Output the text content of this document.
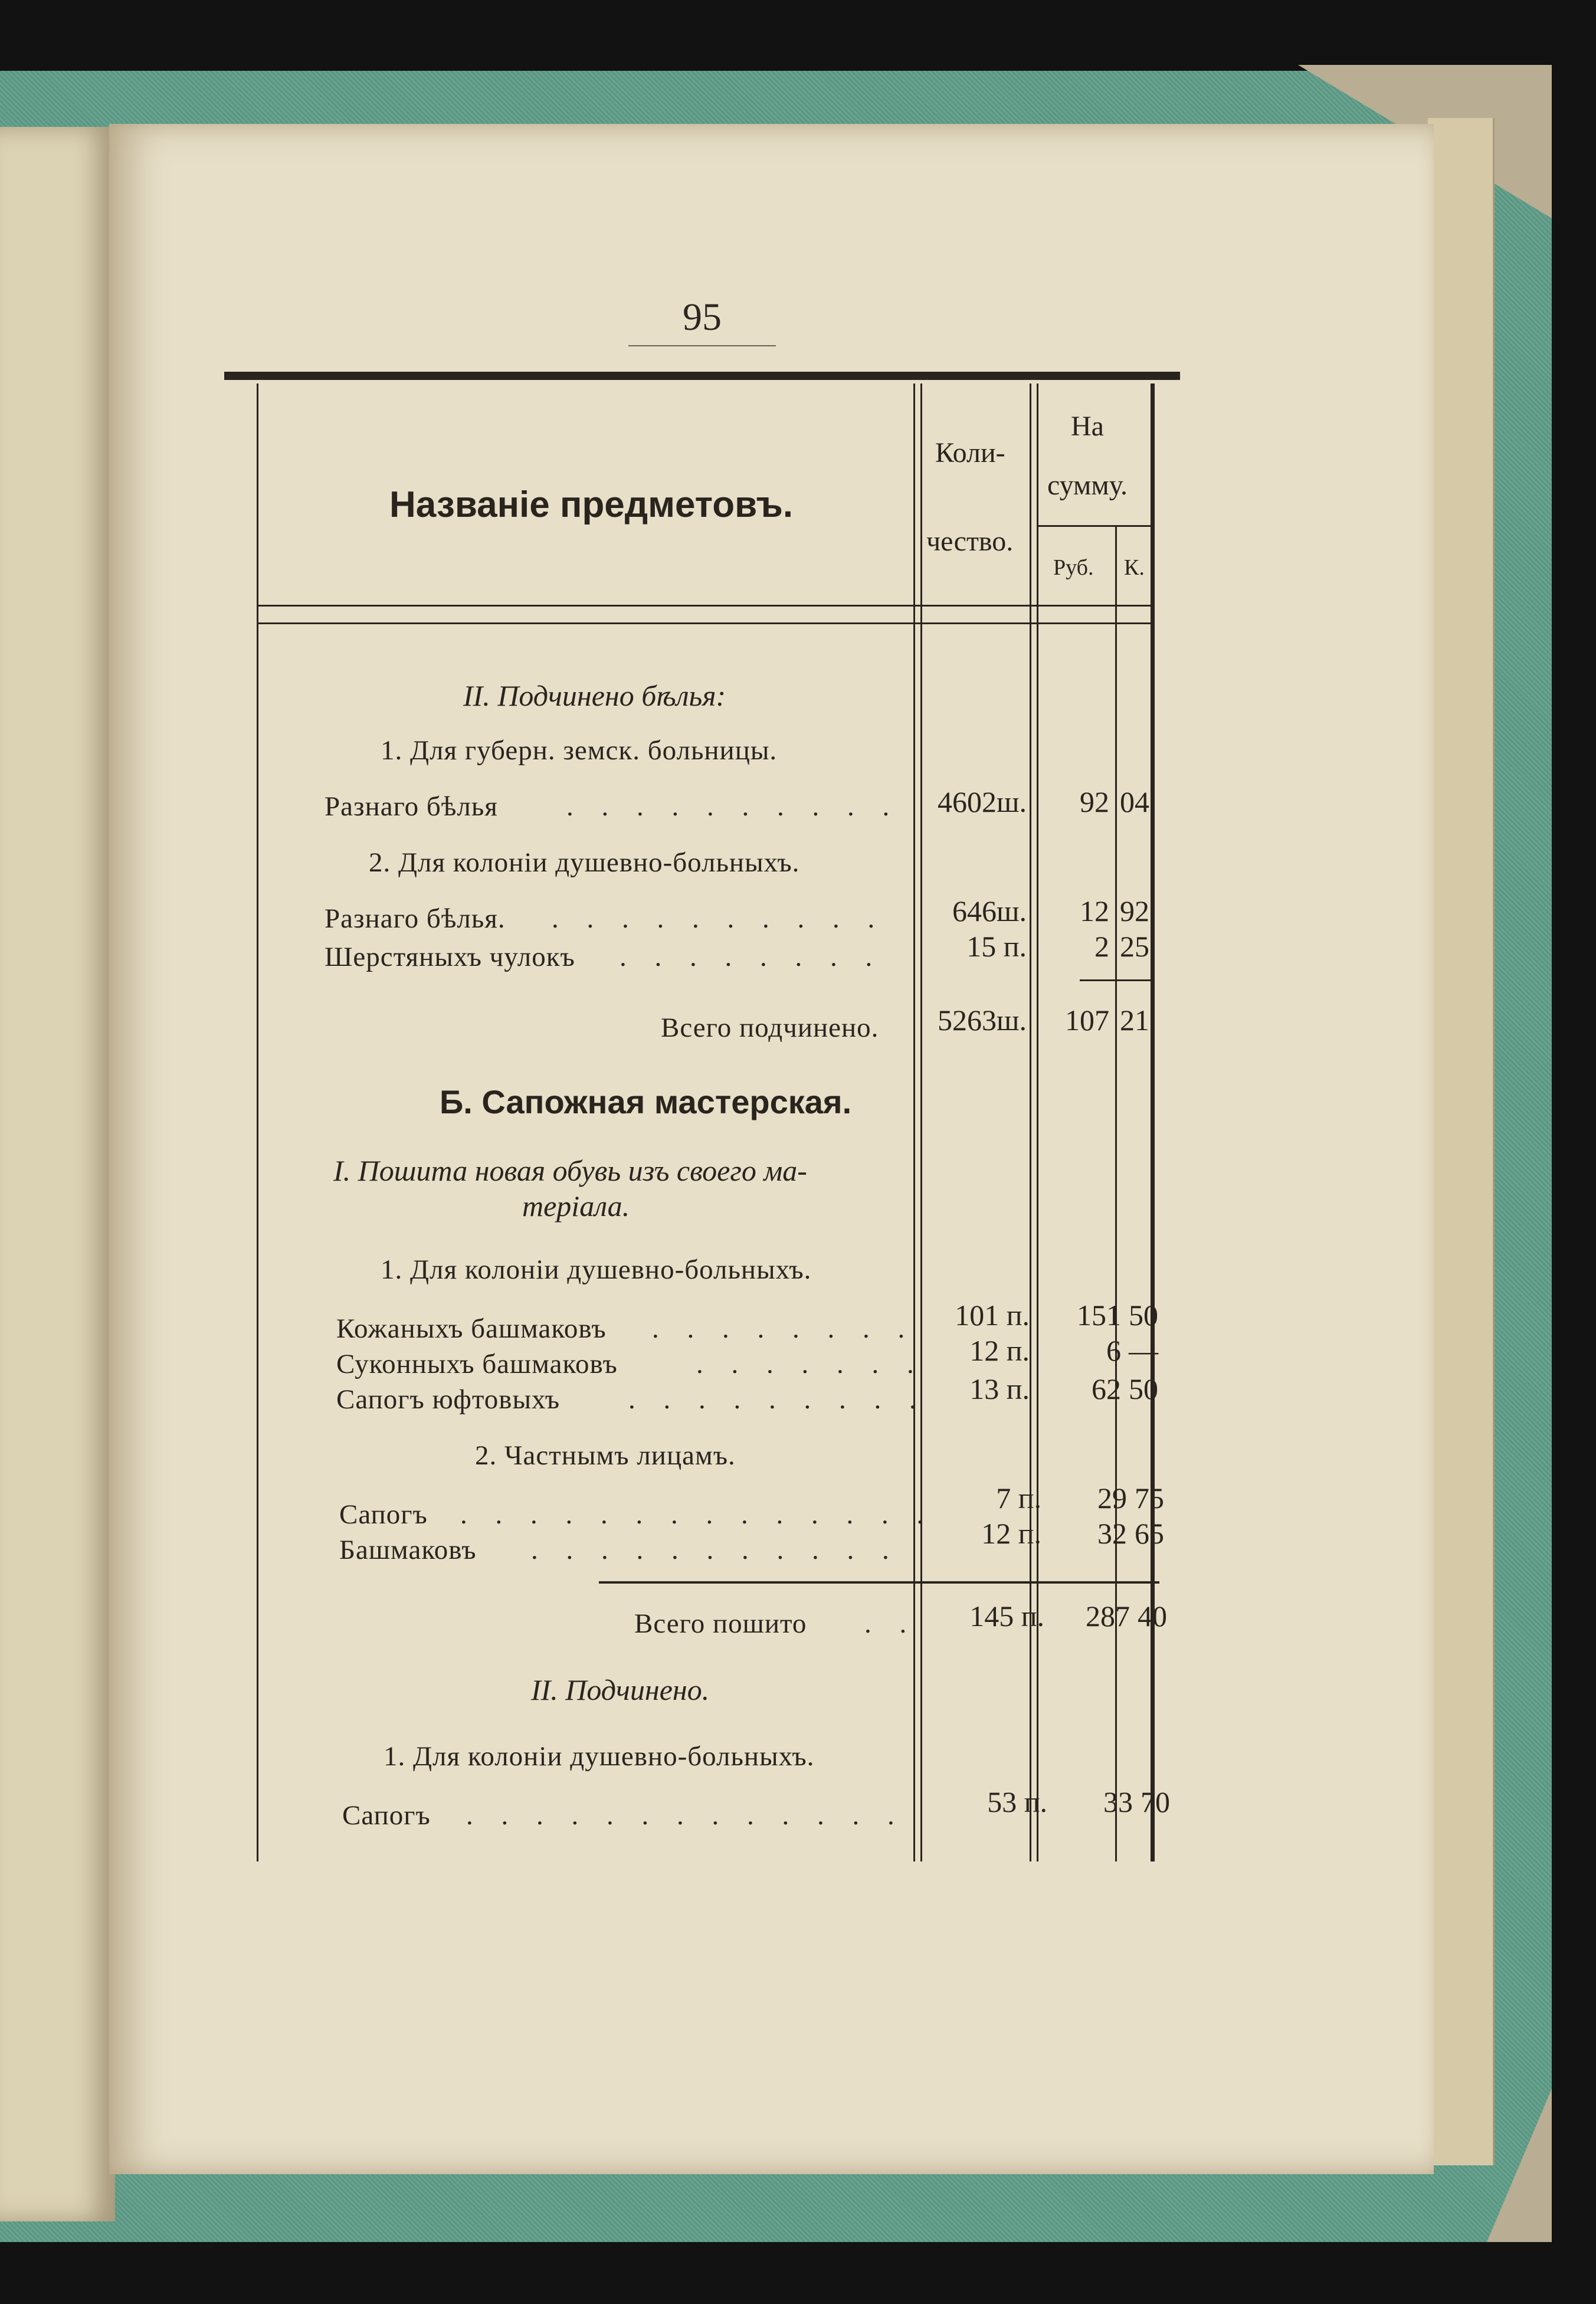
95
Названіе предметовъ.
Коли-
чество.
На
сумму.
Руб. К.
II. Подчинено бѣлья:
1. Для губерн. земск. больницы.
Разнаго бѣлья . . . . . . . . . .	4602ш.	92 04
2. Для колоніи душевно-больныхъ.
Разнаго бѣлья. . . . . . . . . . .	646ш.	12 92
Шерстяныхъ чулокъ . . . . . . . .	15 п.	2 25
Всего подчинено.	5263ш.	107 21
Б. Сапожная мастерская.
I. Пошита новая обувь изъ своего ма-
теріала.
1. Для колоніи душевно-больныхъ.
Кожаныхъ башмаковъ . . . . . . . .	101 п.	151 50
Суконныхъ башмаковъ	. . . . . . .	12 п.	6 —
Сапогъ юфтовыхъ . . . . . . . . .	13 п.	62 50
2. Частнымъ лицамъ.
Сапогъ . . . . . . . . . . . . . .	7 п.	29 75
Башмаковъ . . . . . . . . . . .	12 п.	32 65
Всего пошито . .	145 п.	287 40
II. Подчинено.
1. Для колоніи душевно-больныхъ.
Сапогъ . . . . . . . . . . . . .	53 п.	33 70
